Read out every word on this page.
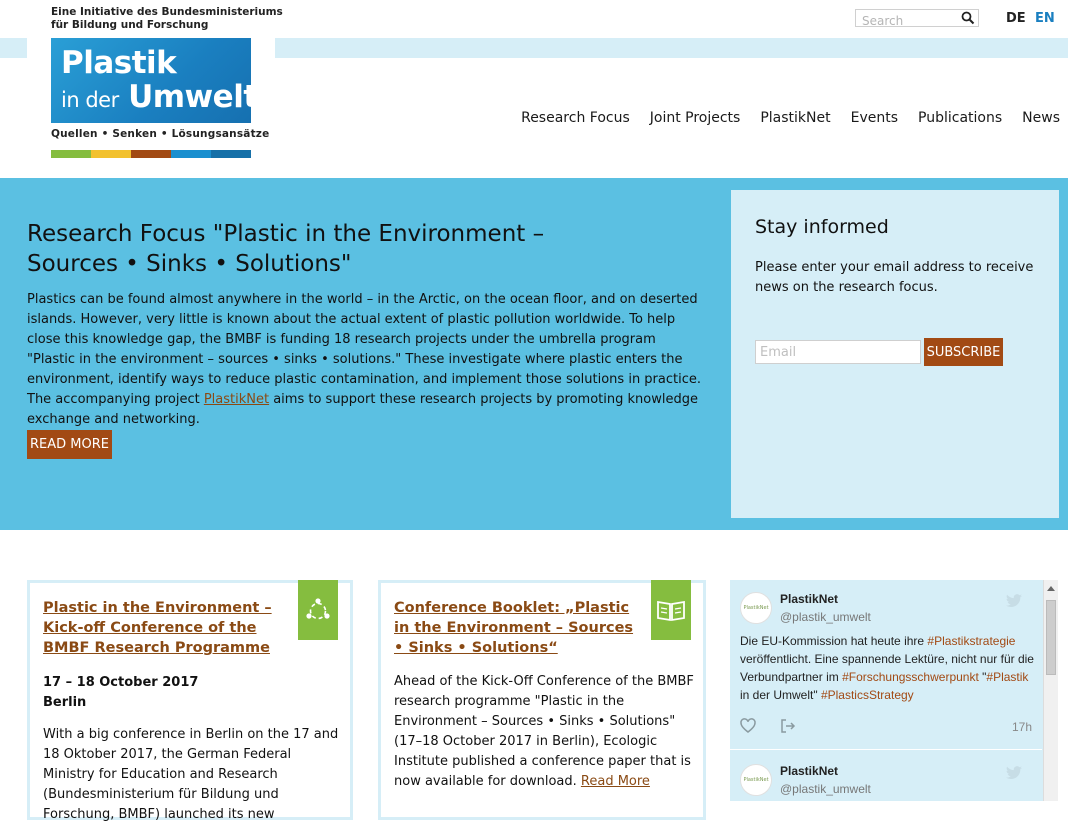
Eine Initiative des Bundesministeriums
für Bildung und Forschung
Plastik
in der Umwelt
Quellen • Senken • Lösungsansätze
Search
DE EN
Research Focus Joint Projects PlastikNet Events Publications News
Research Focus "Plastic in the Environment –
Sources • Sinks • Solutions"

Plastics can be found almost anywhere in the world – in the Arctic, on the ocean floor, and on deserted islands. However, very little is known about the actual extent of plastic pollution worldwide. To help close this knowledge gap, the BMBF is funding 18 research projects under the umbrella program "Plastic in the environment – sources • sinks • solutions." These investigate where plastic enters the environment, identify ways to reduce plastic contamination, and implement those solutions in practice. The accompanying project PlastikNet aims to support these research projects by promoting knowledge exchange and networking.

READ MORE
Stay informed
Please enter your email address to receive news on the research focus.
Email
SUBSCRIBE
Plastic in the Environment – Kick-off Conference of the BMBF Research Programme
17 – 18 October 2017
Berlin
With a big conference in Berlin on the 17 and 18 Oktober 2017, the German Federal Ministry for Education and Research (Bundesministerium für Bildung und Forschung, BMBF) launched its new
Conference Booklet: „Plastic in the Environment – Sources • Sinks • Solutions“
Ahead of the Kick-Off Conference of the BMBF research programme "Plastic in the Environment – Sources • Sinks • Solutions" (17–18 October 2017 in Berlin), Ecologic Institute published a conference paper that is now available for download. Read More
PlastikNet
PlastikNet
@plastik_umwelt
Die EU-Kommission hat heute ihre #Plastikstrategie veröffentlicht. Eine spannende Lektüre, nicht nur für die Verbundpartner im #Forschungsschwerpunkt "#Plastik in der Umwelt" #PlasticsStrategy
17h
PlastikNet
PlastikNet
@plastik_umwelt
